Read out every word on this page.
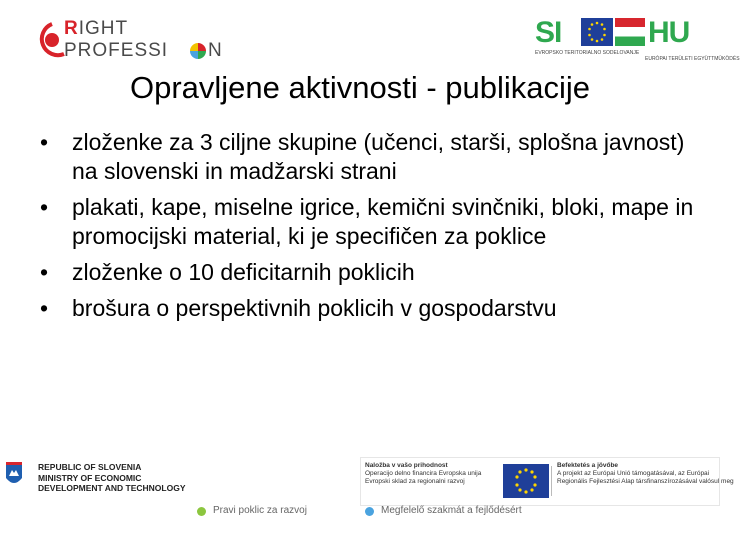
RIGHT
PROFESSI N
SI	HU
EVROPSKO TERITORIALNO SODELOVANJE
EURÓPAI TERÜLETI EGYÜTTMŰKÖDÉS
Opravljene aktivnosti - publikacije
•	zloženke za 3 ciljne skupine (učenci, starši, splošna javnost) na slovenski in madžarski strani
•	plakati, kape, miselne igrice, kemični svinčniki, bloki, mape in promocijski material, ki je specifičen za poklice
•	zloženke o 10 deficitarnih poklicih
•	brošura o perspektivnih poklicih v gospodarstvu
REPUBLIC OF SLOVENIA
MINISTRY OF ECONOMIC
DEVELOPMENT AND TECHNOLOGY
Naložba v vašo prihodnost
Operacijo delno financira Evropska unija
Evropski sklad za regionalni razvoj
Befektetés a jövőbe
A projekt az Európai Unió támogatásával, az Európai
Regionális Fejlesztési Alap társfinanszírozásával valósul meg
Pravi poklic za razvoj	Megfelelő szakmát a fejlődésért
